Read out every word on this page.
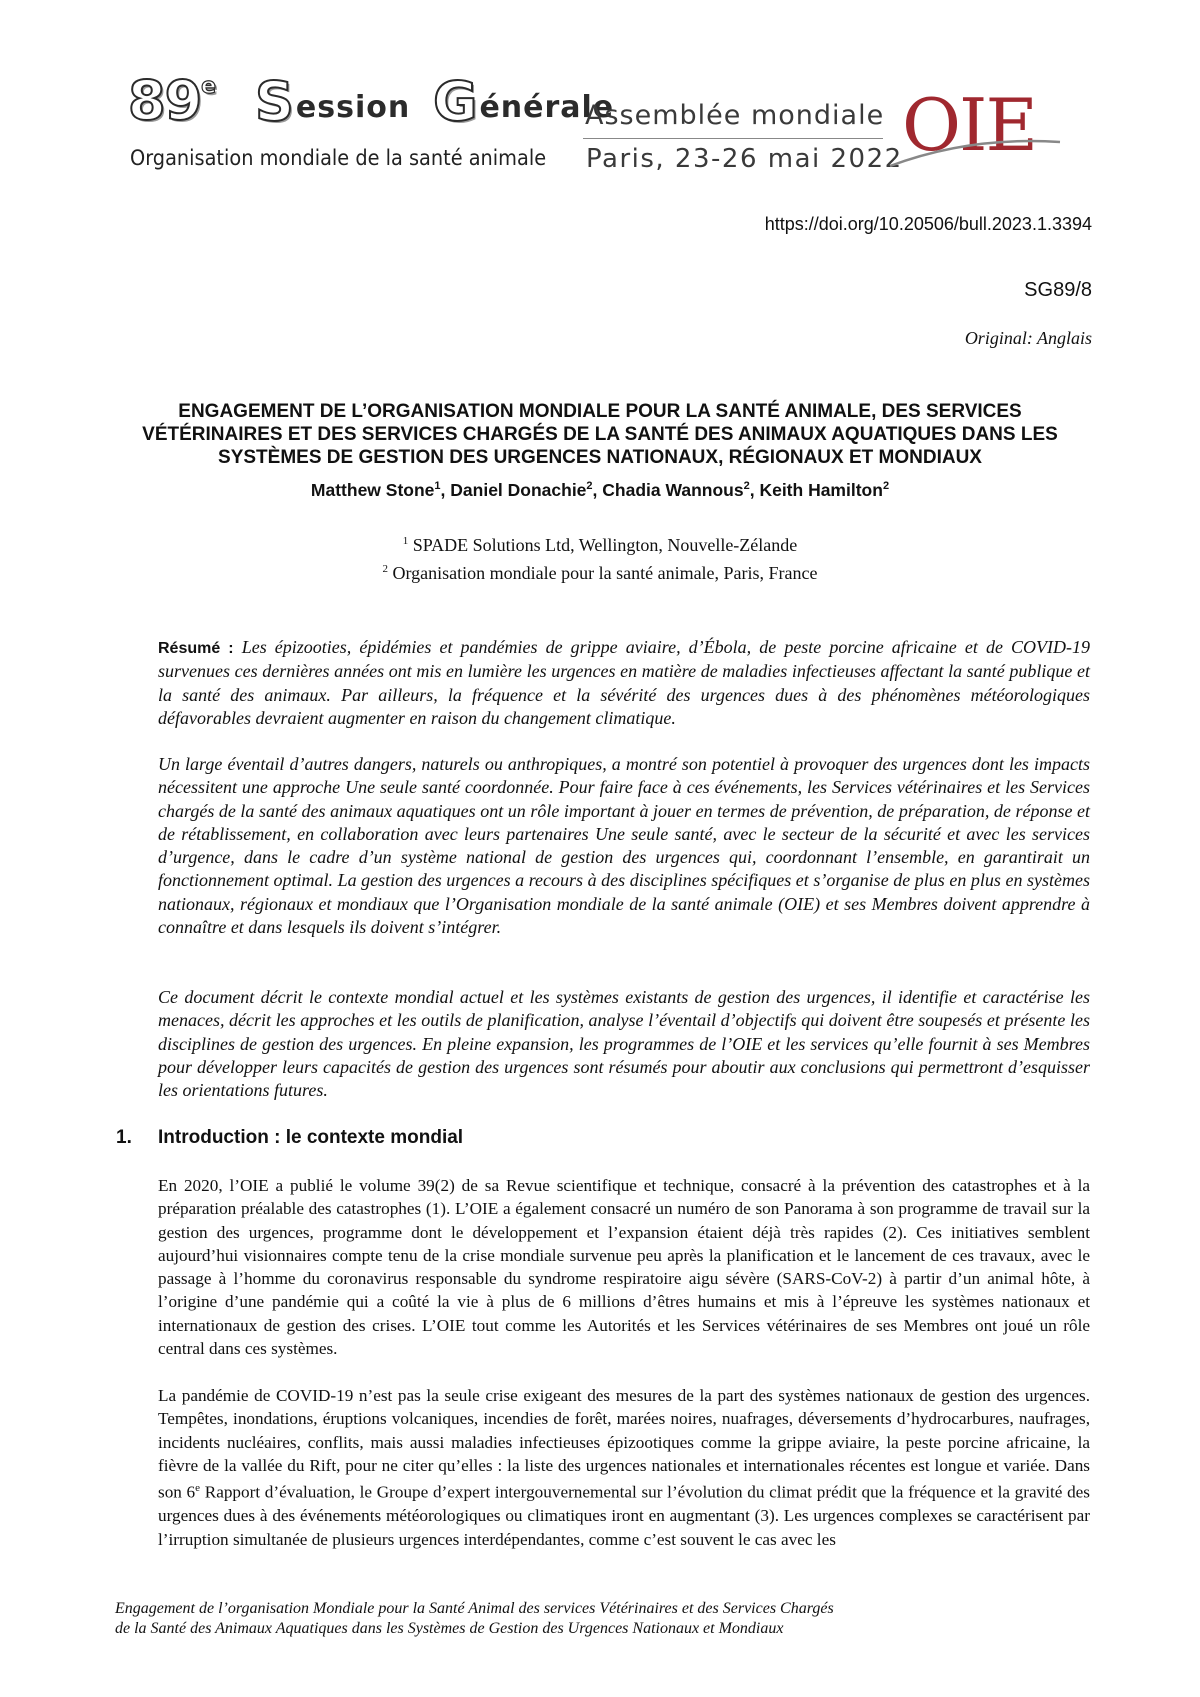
89e Session Générale
Organisation mondiale de la santé animale
Assemblée mondiale
Paris, 23-26 mai 2022 OIE
https://doi.org/10.20506/bull.2023.1.3394
SG89/8
Original: Anglais
ENGAGEMENT DE L’ORGANISATION MONDIALE POUR LA SANTÉ ANIMALE, DES SERVICES VÉTÉRINAIRES ET DES SERVICES CHARGÉS DE LA SANTÉ DES ANIMAUX AQUATIQUES DANS LES SYSTÈMES DE GESTION DES URGENCES NATIONAUX, RÉGIONAUX ET MONDIAUX
Matthew Stone$^1$, Daniel Donachie$^2$, Chadia Wannous$^2$, Keith Hamilton$^2$
$^1$ SPADE Solutions Ltd, Wellington, Nouvelle-Zélande
$^2$ Organisation mondiale pour la santé animale, Paris, France

Résumé : Les épizooties, épidémies et pandémies de grippe aviaire, d’Ébola, de peste porcine africaine et de COVID-19 survenues ces dernières années ont mis en lumière les urgences en matière de maladies infectieuses affectant la santé publique et la santé des animaux. Par ailleurs, la fréquence et la sévérité des urgences dues à des phénomènes météorologiques défavorables devraient augmenter en raison du changement climatique.

Un large éventail d’autres dangers, naturels ou anthropiques, a montré son potentiel à provoquer des urgences dont les impacts nécessitent une approche Une seule santé coordonnée. Pour faire face à ces événements, les Services vétérinaires et les Services chargés de la santé des animaux aquatiques ont un rôle important à jouer en termes de prévention, de préparation, de réponse et de rétablissement, en collaboration avec leurs partenaires Une seule santé, avec le secteur de la sécurité et avec les services d’urgence, dans le cadre d’un système national de gestion des urgences qui, coordonnant l’ensemble, en garantirait un fonctionnement optimal. La gestion des urgences a recours à des disciplines spécifiques et s’organise de plus en plus en systèmes nationaux, régionaux et mondiaux que l’Organisation mondiale de la santé animale (OIE) et ses Membres doivent apprendre à connaître et dans lesquels ils doivent s’intégrer.

Ce document décrit le contexte mondial actuel et les systèmes existants de gestion des urgences, il identifie et caractérise les menaces, décrit les approches et les outils de planification, analyse l’éventail d’objectifs qui doivent être soupesés et présente les disciplines de gestion des urgences. En pleine expansion, les programmes de l’OIE et les services qu’elle fournit à ses Membres pour développer leurs capacités de gestion des urgences sont résumés pour aboutir aux conclusions qui permettront d’esquisser les orientations futures.

1. Introduction : le contexte mondial

En 2020, l’OIE a publié le volume 39(2) de sa Revue scientifique et technique, consacré à la prévention des catastrophes et à la préparation préalable des catastrophes (1). L’OIE a également consacré un numéro de son Panorama à son programme de travail sur la gestion des urgences, programme dont le développement et l’expansion étaient déjà très rapides (2). Ces initiatives semblent aujourd’hui visionnaires compte tenu de la crise mondiale survenue peu après la planification et le lancement de ces travaux, avec le passage à l’homme du coronavirus responsable du syndrome respiratoire aigu sévère (SARS-CoV-2) à partir d’un animal hôte, à l’origine d’une pandémie qui a coûté la vie à plus de 6 millions d’êtres humains et mis à l’épreuve les systèmes nationaux et internationaux de gestion des crises. L’OIE tout comme les Autorités et les Services vétérinaires de ses Membres ont joué un rôle central dans ces systèmes.

La pandémie de COVID-19 n’est pas la seule crise exigeant des mesures de la part des systèmes nationaux de gestion des urgences. Tempêtes, inondations, éruptions volcaniques, incendies de forêt, marées noires, nuafrages, déversements d’hydrocarbures, naufrages, incidents nucléaires, conflits, mais aussi maladies infectieuses épizootiques comme la grippe aviaire, la peste porcine africaine, la fièvre de la vallée du Rift, pour ne citer qu’elles : la liste des urgences nationales et internationales récentes est longue et variée. Dans son 6e Rapport d’évaluation, le Groupe d’expert intergouvernemental sur l’évolution du climat prédit que la fréquence et la gravité des urgences dues à des événements météorologiques ou climatiques iront en augmentant (3). Les urgences complexes se caractérisent par l’irruption simultanée de plusieurs urgences interdépendantes, comme c’est souvent le cas avec les

Engagement de l’organisation Mondiale pour la Santé Animal des services Vétérinaires et des Services Chargés
de la Santé des Animaux Aquatiques dans les Systèmes de Gestion des Urgences Nationaux et Mondiaux
